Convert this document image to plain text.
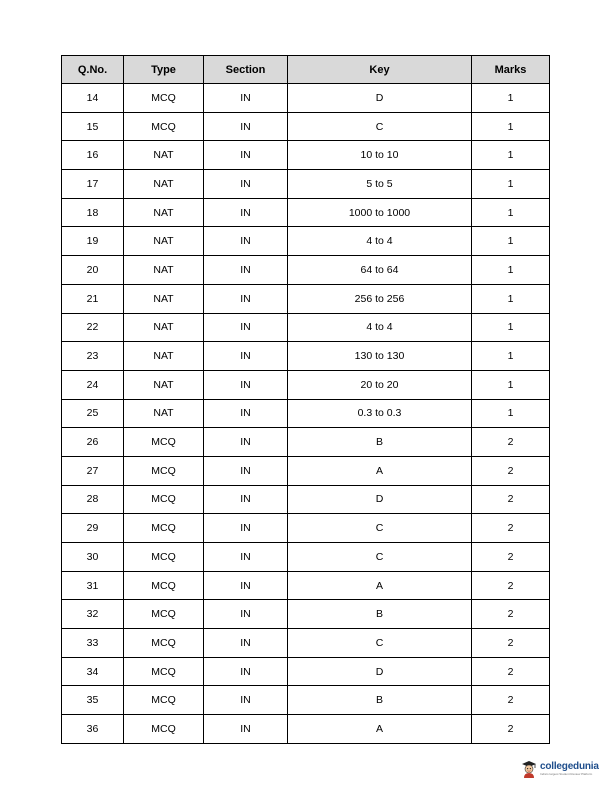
Q.No.	Type	Section	Key	Marks
14	MCQ	IN	D	1
15	MCQ	IN	C	1
16	NAT	IN	10 to 10	1
17	NAT	IN	5 to 5	1
18	NAT	IN	1000 to 1000	1
19	NAT	IN	4 to 4	1
20	NAT	IN	64 to 64	1
21	NAT	IN	256 to 256	1
22	NAT	IN	4 to 4	1
23	NAT	IN	130 to 130	1
24	NAT	IN	20 to 20	1
25	NAT	IN	0.3 to 0.3	1
26	MCQ	IN	B	2
27	MCQ	IN	A	2
28	MCQ	IN	D	2
29	MCQ	IN	C	2
30	MCQ	IN	C	2
31	MCQ	IN	A	2
32	MCQ	IN	B	2
33	MCQ	IN	C	2
34	MCQ	IN	D	2
35	MCQ	IN	B	2
36	MCQ	IN	A	2
collegedunia
India's largest Student Review Platform
